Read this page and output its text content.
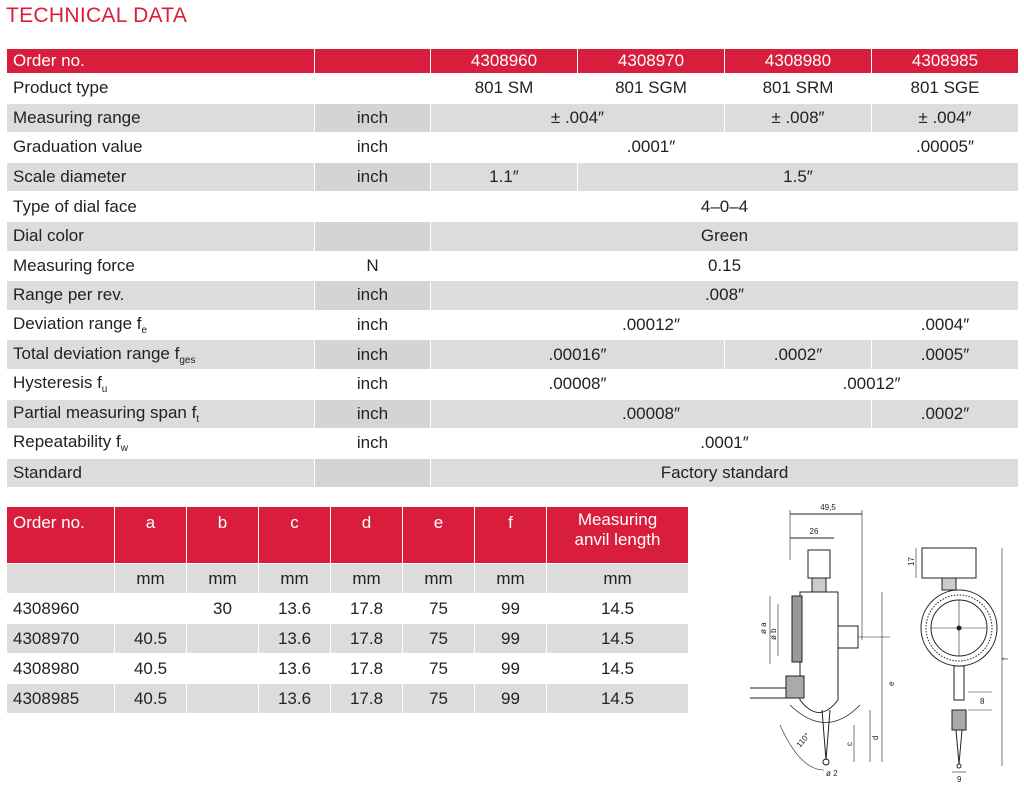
TECHNICAL DATA
Order no.		4308960	4308970	4308980	4308985
Product type		801 SM	801 SGM	801 SRM	801 SGE
Measuring range	inch	± .004″		± .008″	± .004″
Graduation value	inch	.0001″			.00005″
Scale diameter	inch	1.1″	1.5″		
Type of dial face		4–0–4			
Dial color		Green			
Measuring force	N	0.15			
Range per rev.	inch	.008″			
Deviation range $f_e$	inch	.00012″			.0004″
Total deviation range $f_{ges}$	inch	.00016″		.0002″	.0005″
Hysteresis $f_u$	inch	.00008″		.00012″	
Partial measuring span $f_t$	inch	.00008″			.0002″
Repeatability $f_w$	inch	.0001″			
Standard		Factory standard			
Order no.	a	b	c	d	e	f	Measuring
anvil length
	mm	mm	mm	mm	mm	mm	mm
4308960		30	13.6	17.8	75	99	14.5
4308970	40.5		13.6	17.8	75	99	14.5
4308980	40.5		13.6	17.8	75	99	14.5
4308985	40.5		13.6	17.8	75	99	14.5
49,5
26
110°
ø 2
ø a
ø b
e
c
d
17
f
8
9
